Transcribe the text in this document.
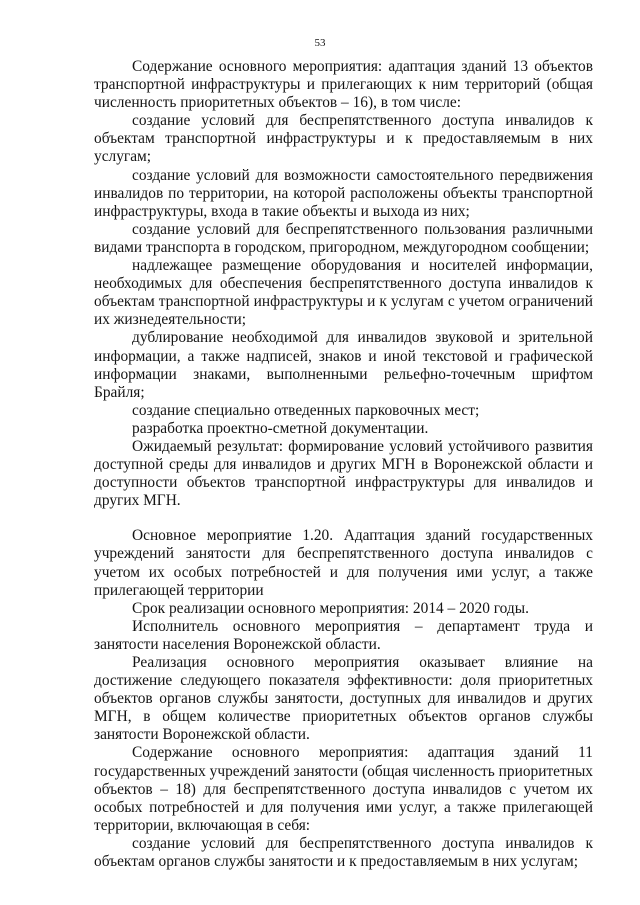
53

Содержание основного мероприятия: адаптация зданий 13 объектов транспортной инфраструктуры и прилегающих к ним территорий (общая численность приоритетных объектов – 16), в том числе:

создание условий для беспрепятственного доступа инвалидов к объектам транспортной инфраструктуры и к предоставляемым в них услугам;

создание условий для возможности самостоятельного передвижения инвалидов по территории, на которой расположены объекты транспортной инфраструктуры, входа в такие объекты и выхода из них;

создание условий для беспрепятственного пользования различными видами транспорта в городском, пригородном, междугородном сообщении;

надлежащее размещение оборудования и носителей информации, необходимых для обеспечения беспрепятственного доступа инвалидов к объектам транспортной инфраструктуры и к услугам с учетом ограничений их жизнедеятельности;

дублирование необходимой для инвалидов звуковой и зрительной информации, а также надписей, знаков и иной текстовой и графической информации знаками, выполненными рельефно-точечным шрифтом Брайля;

создание специально отведенных парковочных мест;

разработка проектно-сметной документации.

Ожидаемый результат: формирование условий устойчивого развития доступной среды для инвалидов и других МГН в Воронежской области и доступности объектов транспортной инфраструктуры для инвалидов и других МГН.

Основное мероприятие 1.20. Адаптация зданий государственных учреждений занятости для беспрепятственного доступа инвалидов с учетом их особых потребностей и для получения ими услуг, а также прилегающей территории

Срок реализации основного мероприятия: 2014 – 2020 годы.

Исполнитель основного мероприятия – департамент труда и занятости населения Воронежской области.

Реализация основного мероприятия оказывает влияние на достижение следующего показателя эффективности: доля приоритетных объектов органов службы занятости, доступных для инвалидов и других МГН, в общем количестве приоритетных объектов органов службы занятости Воронежской области.

Содержание основного мероприятия: адаптация зданий 11 государственных учреждений занятости (общая численность приоритетных объектов – 18) для беспрепятственного доступа инвалидов с учетом их особых потребностей и для получения ими услуг, а также прилегающей территории, включающая в себя:

создание условий для беспрепятственного доступа инвалидов к объектам органов службы занятости и к предоставляемым в них услугам;
